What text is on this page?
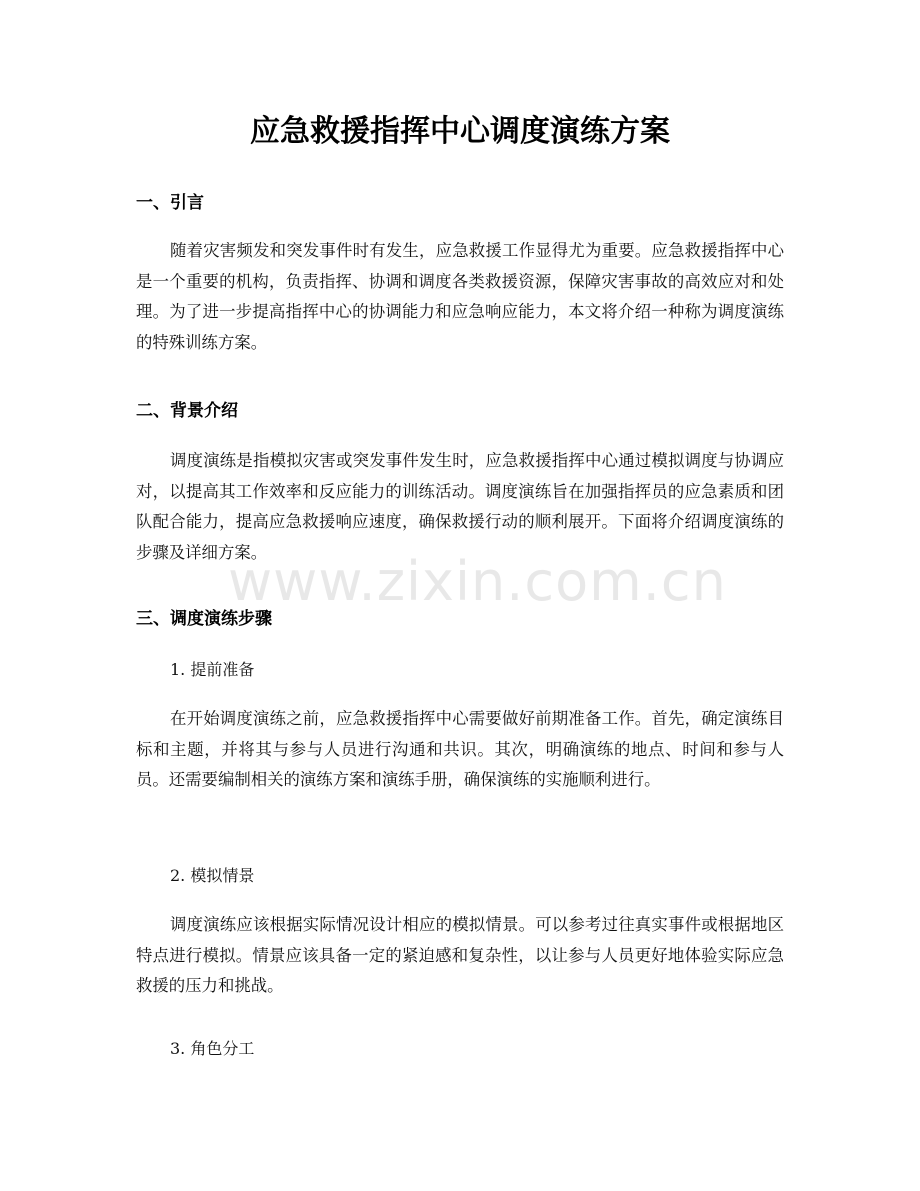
应急救援指挥中心调度演练方案
一、引言

随着灾害频发和突发事件时有发生，应急救援工作显得尤为重要。应急救援指挥中心是一个重要的机构，负责指挥、协调和调度各类救援资源，保障灾害事故的高效应对和处理。为了进一步提高指挥中心的协调能力和应急响应能力，本文将介绍一种称为调度演练的特殊训练方案。

二、背景介绍

调度演练是指模拟灾害或突发事件发生时，应急救援指挥中心通过模拟调度与协调应对，以提高其工作效率和反应能力的训练活动。调度演练旨在加强指挥员的应急素质和团队配合能力，提高应急救援响应速度，确保救援行动的顺利展开。下面将介绍调度演练的步骤及详细方案。

三、调度演练步骤

1. 提前准备

在开始调度演练之前，应急救援指挥中心需要做好前期准备工作。首先，确定演练目标和主题，并将其与参与人员进行沟通和共识。其次，明确演练的地点、时间和参与人员。还需要编制相关的演练方案和演练手册，确保演练的实施顺利进行。

2. 模拟情景

调度演练应该根据实际情况设计相应的模拟情景。可以参考过往真实事件或根据地区特点进行模拟。情景应该具备一定的紧迫感和复杂性，以让参与人员更好地体验实际应急救援的压力和挑战。

3. 角色分工

www.zixin.com.cn
